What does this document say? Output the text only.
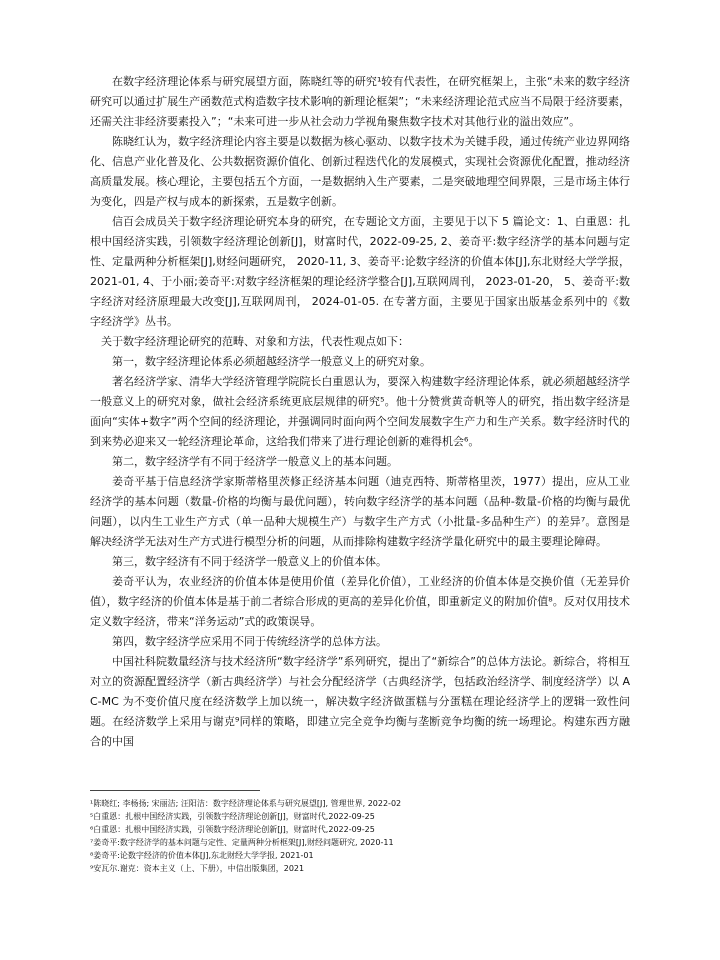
在数字经济理论体系与研究展望方面，陈晓红等的研究¹较有代表性，在研究框架上，主张“未来的数字经济研究可以通过扩展生产函数范式构造数字技术影响的新理论框架”；“未来经济理论范式应当不局限于经济要素，还需关注非经济要素投入”；“未来可进一步从社会动力学视角聚焦数字技术对其他行业的溢出效应”。

陈晓红认为，数字经济理论内容主要是以数据为核心驱动、以数字技术为关键手段，通过传统产业边界网络化、信息产业化普及化、公共数据资源价值化、创新过程迭代化的发展模式，实现社会资源优化配置，推动经济高质量发展。核心理论，主要包括五个方面，一是数据纳入生产要素，二是突破地理空间界限，三是市场主体行为变化，四是产权与成本的新探索，五是数字创新。

信百会成员关于数字经济理论研究本身的研究，在专题论文方面，主要见于以下 5 篇论文：1、白重恩：扎根中国经济实践，引领数字经济理论创新[J]，财富时代，2022-09-25, 2、姜奇平:数字经济学的基本问题与定性、定量两种分析框架[J],财经问题研究， 2020-11, 3、姜奇平:论数字经济的价值本体[J],东北财经大学学报， 2021-01, 4、于小丽;姜奇平:对数字经济框架的理论经济学整合[J],互联网周刊， 2023-01-20， 5、姜奇平:数字经济对经济原理最大改变[J],互联网周刊， 2024-01-05. 在专著方面，主要见于国家出版基金系列中的《数字经济学》丛书。

关于数字经济理论研究的范畴、对象和方法，代表性观点如下：

第一，数字经济理论体系必须超越经济学一般意义上的研究对象。

著名经济学家、清华大学经济管理学院院长白重恩认为，要深入构建数字经济理论体系，就必须超越经济学一般意义上的研究对象，做社会经济系统更底层规律的研究⁵。他十分赞赏黄奇帆等人的研究，指出数字经济是面向“实体+数字”两个空间的经济理论，并强调同时面向两个空间发展数字生产力和生产关系。数字经济时代的到来势必迎来又一轮经济理论革命，这给我们带来了进行理论创新的难得机会⁶。

第二，数字经济学有不同于经济学一般意义上的基本问题。

姜奇平基于信息经济学家斯蒂格里茨修正经济基本问题（迪克西特、斯蒂格里茨，1977）提出，应从工业经济学的基本问题（数量-价格的均衡与最优问题），转向数字经济学的基本问题（品种-数量-价格的均衡与最优问题），以内生工业生产方式（单一品种大规模生产）与数字生产方式（小批量-多品种生产）的差异⁷。意图是解决经济学无法对生产方式进行模型分析的问题，从而排除构建数字经济学量化研究中的最主要理论障碍。

第三，数字经济有不同于经济学一般意义上的价值本体。

姜奇平认为，农业经济的价值本体是使用价值（差异化价值），工业经济的价值本体是交换价值（无差异价值），数字经济的价值本体是基于前二者综合形成的更高的差异化价值，即重新定义的附加价值⁸。反对仅用技术定义数字经济，带来“洋务运动”式的政策误导。

第四，数字经济学应采用不同于传统经济学的总体方法。

中国社科院数量经济与技术经济所“数字经济学”系列研究，提出了“新综合”的总体方法论。新综合，将相互对立的资源配置经济学（新古典经济学）与社会分配经济学（古典经济学，包括政治经济学、制度经济学）以 AC-MC 为不变价值尺度在经济数学上加以统一，解决数字经济做蛋糕与分蛋糕在理论经济学上的逻辑一致性问题。在经济数学上采用与谢克⁹同样的策略，即建立完全竞争均衡与垄断竞争均衡的统一场理论。构建东西方融合的中国

¹陈晓红; 李杨扬; 宋丽洁; 汪阳洁：数字经济理论体系与研究展望[J], 管理世界, 2022-02

⁵白重恩：扎根中国经济实践，引领数字经济理论创新[J]，财富时代,2022-09-25

⁶白重恩：扎根中国经济实践，引领数字经济理论创新[J]，财富时代,2022-09-25

⁷姜奇平:数字经济学的基本问题与定性、定量两种分析框架[J],财经问题研究, 2020-11

⁸姜奇平:论数字经济的价值本体[J],东北财经大学学报, 2021-01

⁹安瓦尔.谢克：资本主义（上、下册），中信出版集团，2021
